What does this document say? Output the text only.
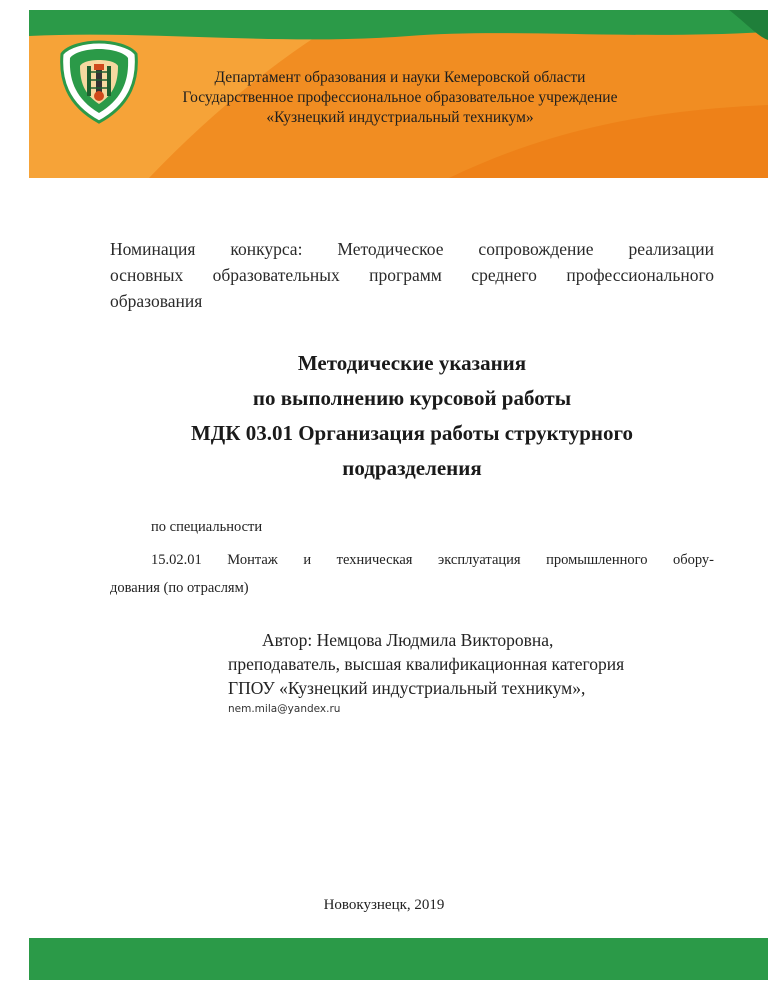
Департамент образования и науки Кемеровской области
Государственное профессиональное образовательное учреждение
«Кузнецкий индустриальный техникум»
Номинация конкурса: Методическое сопровождение реализации
основных образовательных программ среднего профессионального
образования
Методические указания
по выполнению курсовой работы
МДК 03.01 Организация работы структурного
подразделения
по специальности
15.02.01 Монтаж и техническая эксплуатация промышленного обору-
дования (по отраслям)
Автор: Немцова Людмила Викторовна,
преподаватель, высшая квалификационная категория
ГПОУ «Кузнецкий индустриальный техникум»,
nem.mila@yandex.ru
Новокузнецк, 2019
